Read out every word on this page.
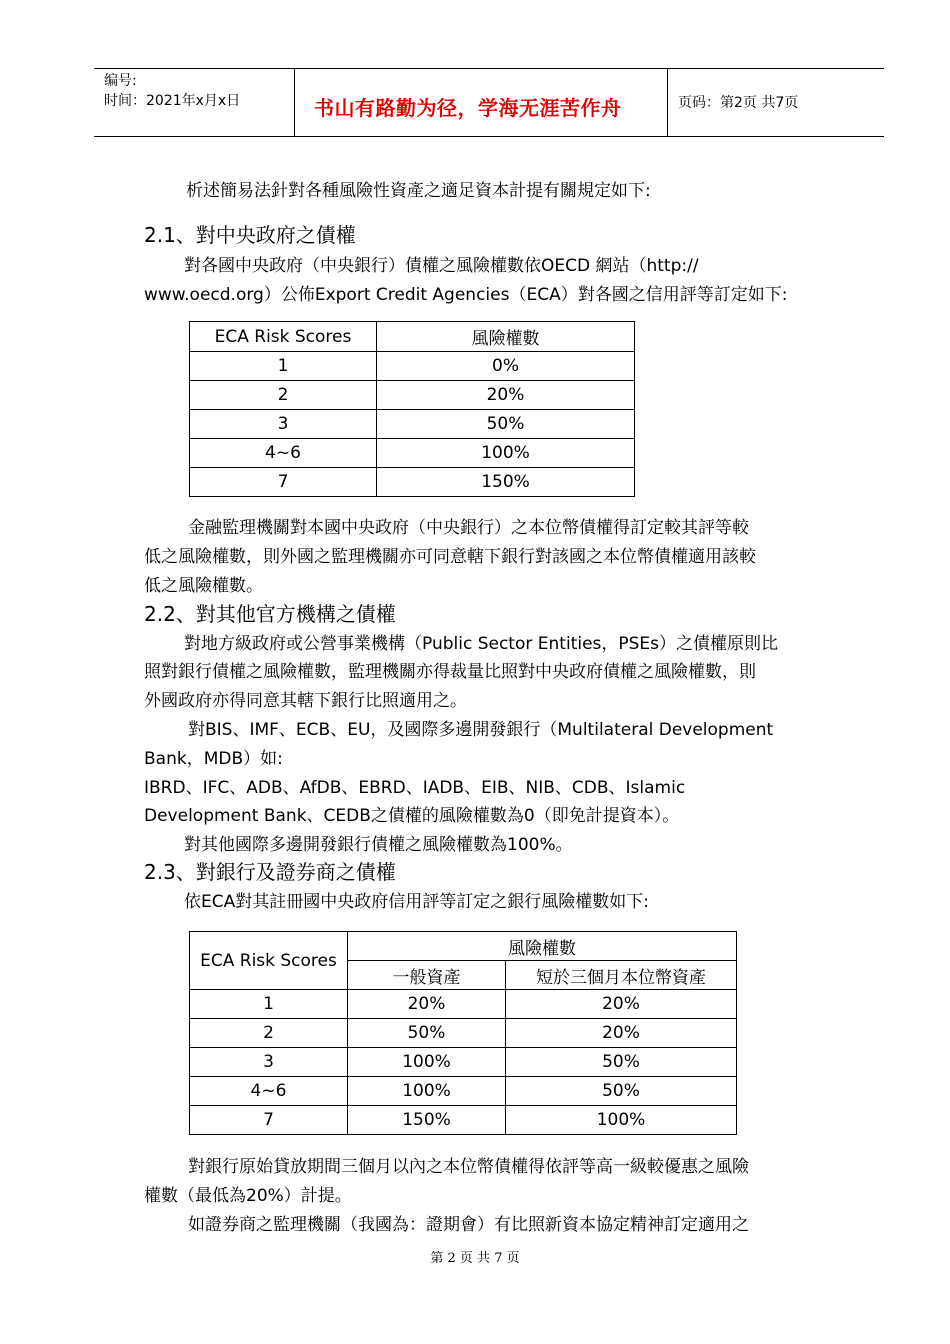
编号:
时间：2021年x月x日	书山有路勤为径，学海无涯苦作舟	页码：第2页 共7页
析述簡易法針對各種風險性資產之適足資本計提有關規定如下:
2.1、對中央政府之債權
對各國中央政府（中央銀行）債權之風險權數依OECD 網站（http://
www.oecd.org）公佈Export Credit Agencies（ECA）對各國之信用評等訂定如下:
ECA Risk Scores	風險權數
1	0%
2	20%
3	50%
4~6	100%
7	150%
金融監理機關對本國中央政府（中央銀行）之本位幣債權得訂定較其評等較
低之風險權數，則外國之監理機關亦可同意轄下銀行對該國之本位幣債權適用該較
低之風險權數。
2.2、對其他官方機構之債權
對地方級政府或公營事業機構（Public Sector Entities，PSEs）之債權原則比
照對銀行債權之風險權數，監理機關亦得裁量比照對中央政府債權之風險權數，則
外國政府亦得同意其轄下銀行比照適用之。
對BIS、IMF、ECB、EU，及國際多邊開發銀行（Multilateral Development
Bank，MDB）如:
IBRD、IFC、ADB、AfDB、EBRD、IADB、EIB、NIB、CDB、Islamic
Development Bank、CEDB之債權的風險權數為0（即免計提資本）。
對其他國際多邊開發銀行債權之風險權數為100%。
2.3、對銀行及證券商之債權
依ECA對其註冊國中央政府信用評等訂定之銀行風險權數如下:
ECA Risk Scores	風險權數	
	一般資產	短於三個月本位幣資產
1	20%	20%
2	50%	20%
3	100%	50%
4~6	100%	50%
7	150%	100%
對銀行原始貸放期間三個月以內之本位幣債權得依評等高一級較優惠之風險
權數（最低為20%）計提。
如證券商之監理機關（我國為：證期會）有比照新資本協定精神訂定適用之
第 2 页 共 7 页
